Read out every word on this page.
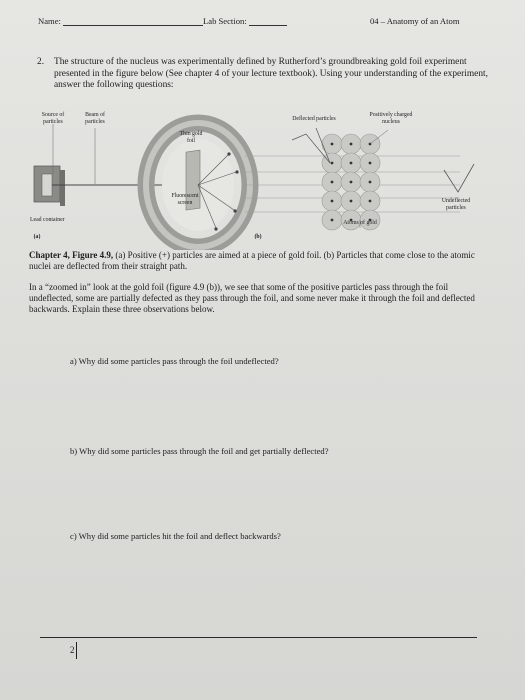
Name:	Lab Section:	04 – Anatomy of an Atom
2. The structure of the nucleus was experimentally defined by Rutherford’s groundbreaking gold foil experiment presented in the figure below (See chapter 4 of your lecture textbook). Using your understanding of the experiment, answer the following questions:
Source of particles
Beam of particles
Thin gold foil
Fluorescent screen
Lead container
(a)
Deflected particles
Positively charged nucleus
Undeflected particles
Atoms of gold
(b)
Chapter 4, Figure 4.9, (a) Positive (+) particles are aimed at a piece of gold foil. (b) Particles that come close to the atomic nuclei are deflected from their straight path.
In a “zoomed in” look at the gold foil (figure 4.9 (b)), we see that some of the positive particles pass through the foil undeflected, some are partially defected as they pass through the foil, and some never make it through the foil and deflected backwards. Explain these three observations below.
a) Why did some particles pass through the foil undeflected?
b) Why did some particles pass through the foil and get partially deflected?
c) Why did some particles hit the foil and deflect backwards?
2
